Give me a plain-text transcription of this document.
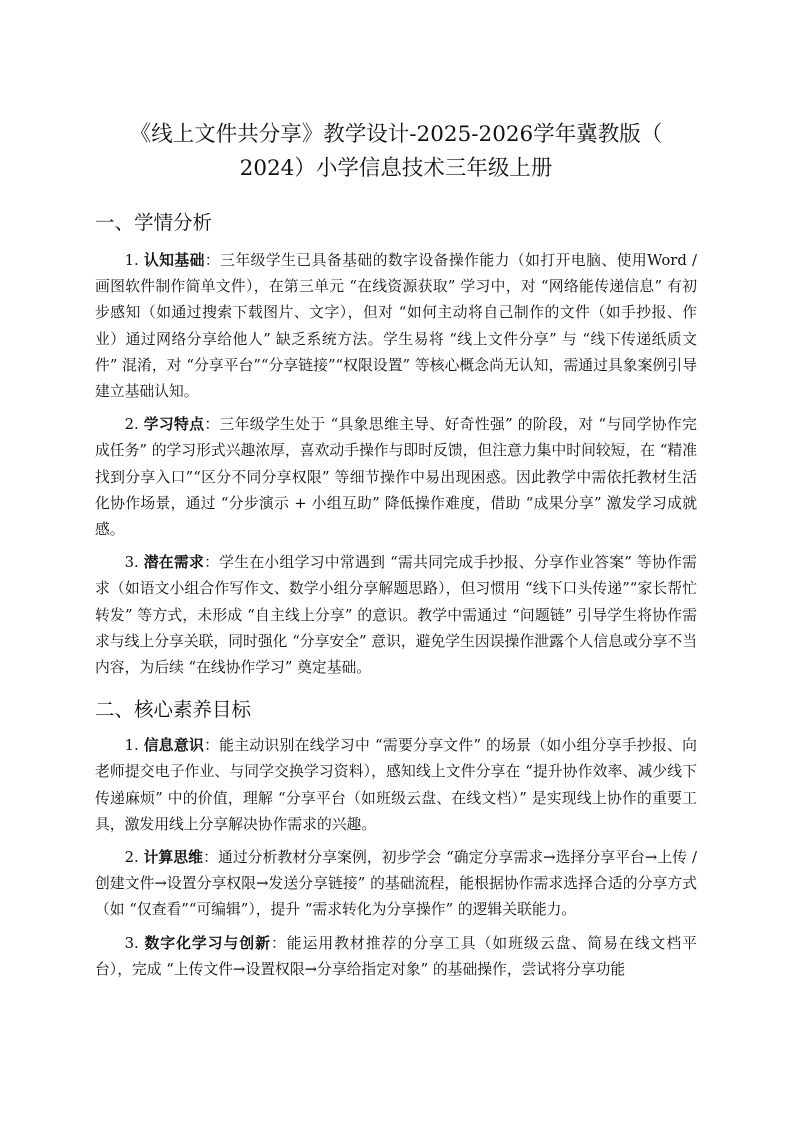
《线上文件共分享》教学设计-2025-2026学年冀教版（
2024）小学信息技术三年级上册
一、学情分析

1. 认知基础：三年级学生已具备基础的数字设备操作能力（如打开电脑、使用Word / 画图软件制作简单文件），在第三单元 “在线资源获取” 学习中，对 “网络能传递信息” 有初步感知（如通过搜索下载图片、文字），但对 “如何主动将自己制作的文件（如手抄报、作业）通过网络分享给他人” 缺乏系统方法。学生易将 “线上文件分享” 与 “线下传递纸质文件” 混淆，对 “分享平台”“分享链接”“权限设置” 等核心概念尚无认知，需通过具象案例引导建立基础认知。

2. 学习特点：三年级学生处于 “具象思维主导、好奇性强” 的阶段，对 “与同学协作完成任务” 的学习形式兴趣浓厚，喜欢动手操作与即时反馈，但注意力集中时间较短，在 “精准找到分享入口”“区分不同分享权限” 等细节操作中易出现困惑。因此教学中需依托教材生活化协作场景，通过 “分步演示 + 小组互助” 降低操作难度，借助 “成果分享” 激发学习成就感。

3. 潜在需求：学生在小组学习中常遇到 “需共同完成手抄报、分享作业答案” 等协作需求（如语文小组合作写作文、数学小组分享解题思路），但习惯用 “线下口头传递”“家长帮忙转发” 等方式，未形成 “自主线上分享” 的意识。教学中需通过 “问题链” 引导学生将协作需求与线上分享关联，同时强化 “分享安全” 意识，避免学生因误操作泄露个人信息或分享不当内容，为后续 “在线协作学习” 奠定基础。

二、核心素养目标

1. 信息意识：能主动识别在线学习中 “需要分享文件” 的场景（如小组分享手抄报、向老师提交电子作业、与同学交换学习资料），感知线上文件分享在 “提升协作效率、减少线下传递麻烦” 中的价值，理解 “分享平台（如班级云盘、在线文档）” 是实现线上协作的重要工具，激发用线上分享解决协作需求的兴趣。

2. 计算思维：通过分析教材分享案例，初步学会 “确定分享需求→选择分享平台→上传 / 创建文件→设置分享权限→发送分享链接” 的基础流程，能根据协作需求选择合适的分享方式（如 “仅查看”“可编辑”），提升 “需求转化为分享操作” 的逻辑关联能力。

3. 数字化学习与创新：能运用教材推荐的分享工具（如班级云盘、简易在线文档平台），完成 “上传文件→设置权限→分享给指定对象” 的基础操作，尝试将分享功能
